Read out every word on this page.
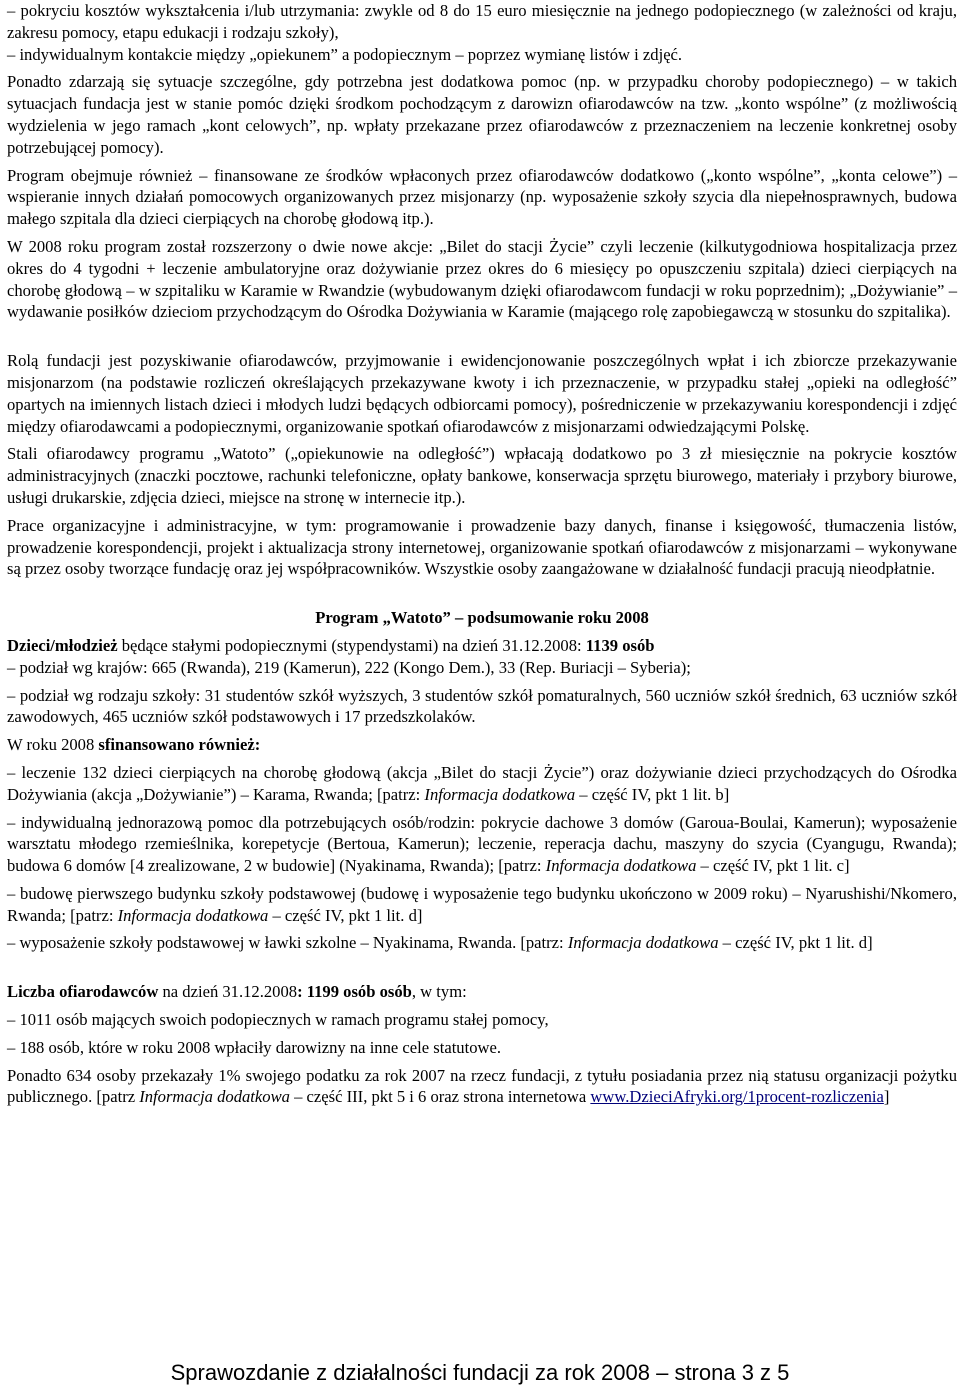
– pokryciu kosztów wykształcenia i/lub utrzymania: zwykle od 8 do 15 euro miesięcznie na jednego podopiecznego (w zależności od kraju, zakresu pomocy, etapu edukacji i rodzaju szkoły),

– indywidualnym kontakcie między „opiekunem” a podopiecznym – poprzez wymianę listów i zdjęć.

Ponadto zdarzają się sytuacje szczególne, gdy potrzebna jest dodatkowa pomoc (np. w przypadku choroby podopiecznego) – w takich sytuacjach fundacja jest w stanie pomóc dzięki środkom pochodzącym z darowizn ofiarodawców na tzw. „konto wspólne” (z możliwością wydzielenia w jego ramach „kont celowych”, np. wpłaty przekazane przez ofiarodawców z przeznaczeniem na leczenie konkretnej osoby potrzebującej pomocy).

Program obejmuje również – finansowane ze środków wpłaconych przez ofiarodawców dodatkowo („konto wspólne”, „konta celowe”) – wspieranie innych działań pomocowych organizowanych przez misjonarzy (np. wyposażenie szkoły szycia dla niepełnosprawnych, budowa małego szpitala dla dzieci cierpiących na chorobę głodową itp.).

W 2008 roku program został rozszerzony o dwie nowe akcje: „Bilet do stacji Życie” czyli leczenie (kilkutygodniowa hospitalizacja przez okres do 4 tygodni + leczenie ambulatoryjne oraz dożywianie przez okres do 6 miesięcy po opuszczeniu szpitala) dzieci cierpiących na chorobę głodową – w szpitaliku w Karamie w Rwandzie (wybudowanym dzięki ofiarodawcom fundacji w roku poprzednim); „Dożywianie” – wydawanie posiłków dzieciom przychodzącym do Ośrodka Dożywiania w Karamie (mającego rolę zapobiegawczą w stosunku do szpitalika).

Rolą fundacji jest pozyskiwanie ofiarodawców, przyjmowanie i ewidencjonowanie poszczególnych wpłat i ich zbiorcze przekazywanie misjonarzom (na podstawie rozliczeń określających przekazywane kwoty i ich przeznaczenie, w przypadku stałej „opieki na odległość” opartych na imiennych listach dzieci i młodych ludzi będących odbiorcami pomocy), pośredniczenie w przekazywaniu korespondencji i zdjęć między ofiarodawcami a podopiecznymi, organizowanie spotkań ofiarodawców z misjonarzami odwiedzającymi Polskę.

Stali ofiarodawcy programu „Watoto” („opiekunowie na odległość”) wpłacają dodatkowo po 3 zł miesięcznie na pokrycie kosztów administracyjnych (znaczki pocztowe, rachunki telefoniczne, opłaty bankowe, konserwacja sprzętu biurowego, materiały i przybory biurowe, usługi drukarskie, zdjęcia dzieci, miejsce na stronę w internecie itp.).

Prace organizacyjne i administracyjne, w tym: programowanie i prowadzenie bazy danych, finanse i księgowość, tłumaczenia listów, prowadzenie korespondencji, projekt i aktualizacja strony internetowej, organizowanie spotkań ofiarodawców z misjonarzami – wykonywane są przez osoby tworzące fundację oraz jej współpracowników. Wszystkie osoby zaangażowane w działalność fundacji pracują nieodpłatnie.

Program „Watoto” – podsumowanie roku 2008

Dzieci/młodzież będące stałymi podopiecznymi (stypendystami) na dzień 31.12.2008: 1139 osób

– podział wg krajów: 665 (Rwanda), 219 (Kamerun), 222 (Kongo Dem.), 33 (Rep. Buriacji – Syberia);

– podział wg rodzaju szkoły: 31 studentów szkół wyższych, 3 studentów szkół pomaturalnych, 560 uczniów szkół średnich, 63 uczniów szkół zawodowych, 465 uczniów szkół podstawowych i 17 przedszkolaków.

W roku 2008 sfinansowano również:

– leczenie 132 dzieci cierpiących na chorobę głodową (akcja „Bilet do stacji Życie”) oraz dożywianie dzieci przychodzących do Ośrodka Dożywiania (akcja „Dożywianie”) – Karama, Rwanda; [patrz: Informacja dodatkowa – część IV, pkt 1 lit. b]

– indywidualną jednorazową pomoc dla potrzebujących osób/rodzin: pokrycie dachowe 3 domów (Garoua-Boulai, Kamerun); wyposażenie warsztatu młodego rzemieślnika, korepetycje (Bertoua, Kamerun); leczenie, reperacja dachu, maszyny do szycia (Cyangugu, Rwanda); budowa 6 domów [4 zrealizowane, 2 w budowie] (Nyakinama, Rwanda); [patrz: Informacja dodatkowa – część IV, pkt 1 lit. c]

– budowę pierwszego budynku szkoły podstawowej (budowę i wyposażenie tego budynku ukończono w 2009 roku) – Nyarushishi/Nkomero, Rwanda; [patrz: Informacja dodatkowa – część IV, pkt 1 lit. d]

– wyposażenie szkoły podstawowej w ławki szkolne – Nyakinama, Rwanda. [patrz: Informacja dodatkowa – część IV, pkt 1 lit. d]

Liczba ofiarodawców na dzień 31.12.2008: 1199 osób osób, w tym:

– 1011 osób mających swoich podopiecznych w ramach programu stałej pomocy,

– 188 osób, które w roku 2008 wpłaciły darowizny na inne cele statutowe.

Ponadto 634 osoby przekazały 1% swojego podatku za rok 2007 na rzecz fundacji, z tytułu posiadania przez nią statusu organizacji pożytku publicznego. [patrz Informacja dodatkowa – część III, pkt 5 i 6 oraz strona internetowa www.DzieciAfryki.org/1procent-rozliczenia]

Sprawozdanie z działalności fundacji za rok 2008 – strona 3 z 5
